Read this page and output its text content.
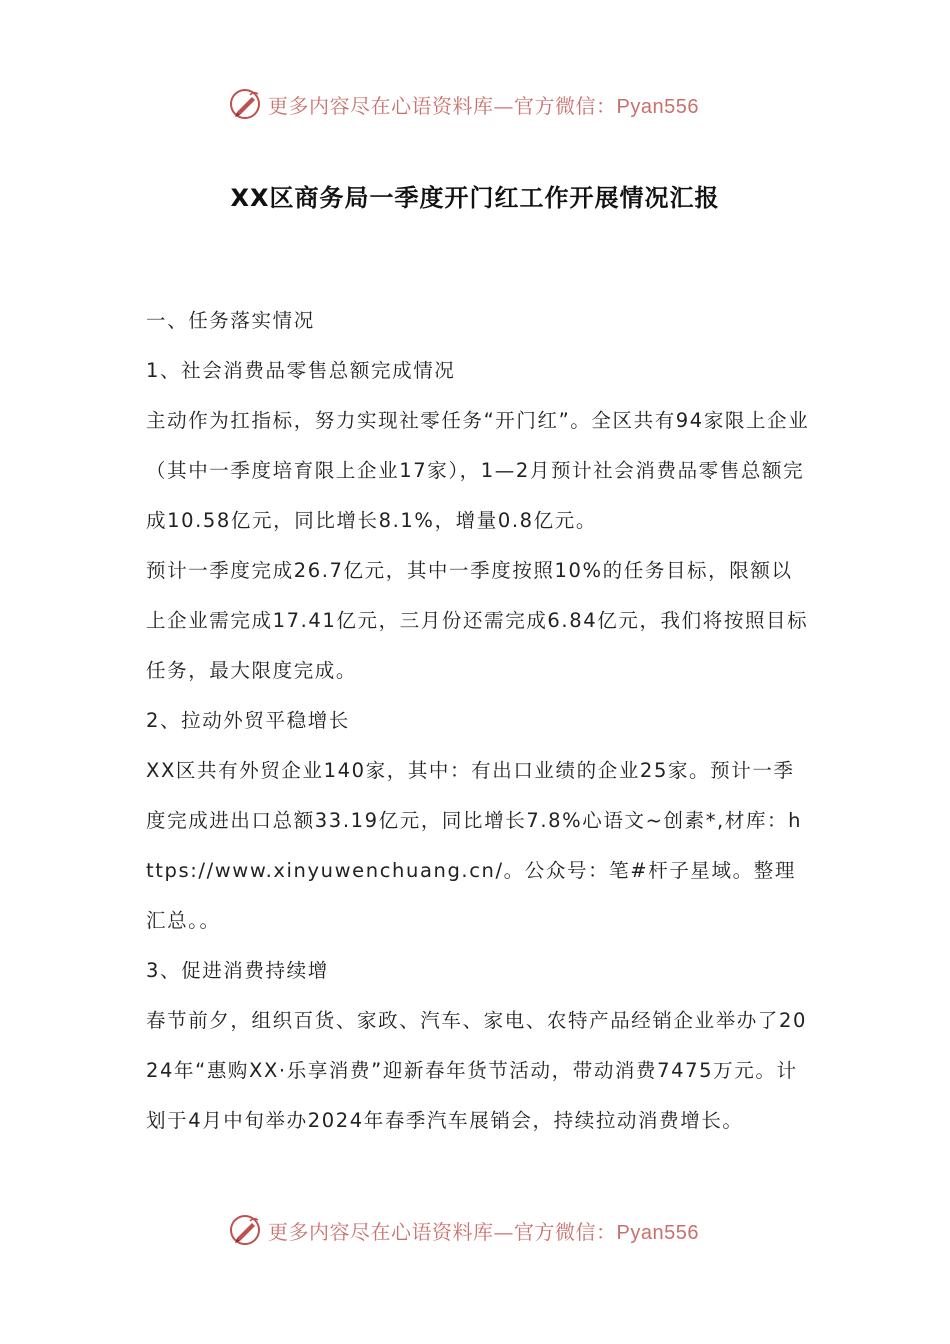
更多内容尽在心语资料库—官方微信：Pyan556
XX区商务局一季度开门红工作开展情况汇报

一、任务落实情况

1、社会消费品零售总额完成情况

主动作为扛指标，努力实现社零任务“开门红”。全区共有94家限上企业（其中一季度培育限上企业17家），1—2月预计社会消费品零售总额完成10.58亿元，同比增长8.1%，增量0.8亿元。

预计一季度完成26.7亿元，其中一季度按照10%的任务目标，限额以上企业需完成17.41亿元，三月份还需完成6.84亿元，我们将按照目标任务，最大限度完成。

2、拉动外贸平稳增长

XX区共有外贸企业140家，其中：有出口业绩的企业25家。预计一季度完成进出口总额33.19亿元，同比增长7.8%心语文~创素*,材库：https://www.xinyuwenchuang.cn/。公众号：笔#杆子星域。整理汇总。。

3、促进消费持续增

春节前夕，组织百货、家政、汽车、家电、农特产品经销企业举办了2024年“惠购XX·乐享消费”迎新春年货节活动，带动消费7475万元。计划于4月中旬举办2024年春季汽车展销会，持续拉动消费增长。

更多内容尽在心语资料库—官方微信：Pyan556
